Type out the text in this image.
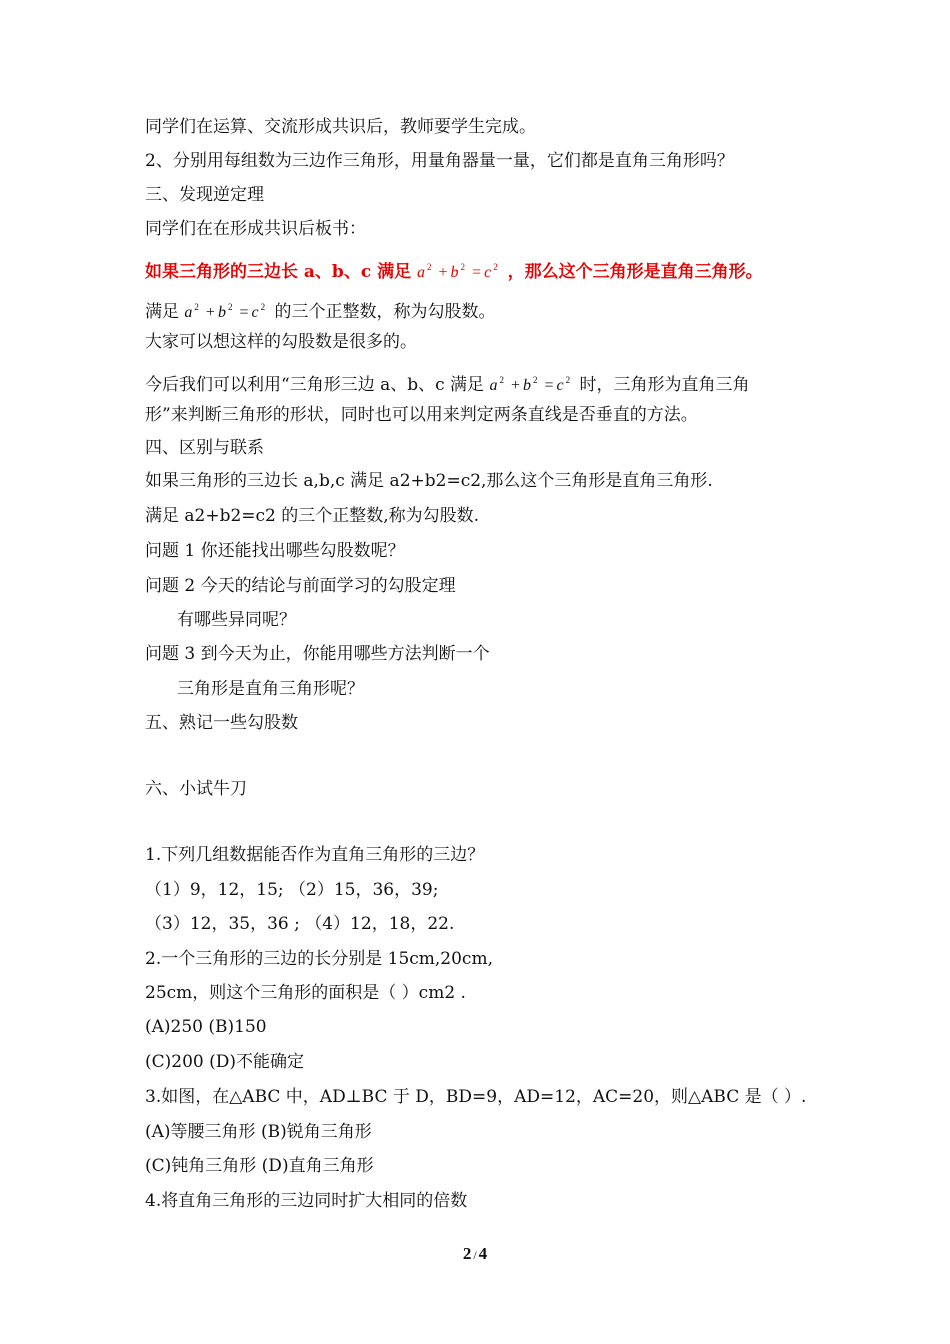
同学们在运算、交流形成共识后，教师要学生完成。
2、分别用每组数为三边作三角形，用量角器量一量，它们都是直角三角形吗？
三、发现逆定理
同学们在在形成共识后板书：
如果三角形的三边长 a、b、c 满足 a $^2$ + b $^2$ = c $^2$ ，那么这个三角形是直角三角形。
满足 a $^2$ + b $^2$ = c $^2$ 的三个正整数，称为勾股数。
大家可以想这样的勾股数是很多的。
今后我们可以利用“三角形三边 a、b、c 满足 a $^2$ + b $^2$ = c $^2$ 时，三角形为直角三角
形”来判断三角形的形状，同时也可以用来判定两条直线是否垂直的方法。
四、区别与联系
如果三角形的三边长 a,b,c 满足 a2+b2=c2,那么这个三角形是直角三角形.
满足 a2+b2=c2 的三个正整数,称为勾股数.
问题 1 你还能找出哪些勾股数呢？
问题 2 今天的结论与前面学习的勾股定理
有哪些异同呢？
问题 3 到今天为止，你能用哪些方法判断一个
三角形是直角三角形呢？
五、熟记一些勾股数
六、小试牛刀
1.下列几组数据能否作为直角三角形的三边？
（1）9，12，15; （2）15，36，39;
（3）12，35，36 ; （4）12，18，22.
2.一个三角形的三边的长分别是 15cm,20cm,
25cm，则这个三角形的面积是（ ）cm2 .
(A)250 (B)150
(C)200 (D)不能确定
3.如图，在△ABC 中，AD⊥BC 于 D，BD=9，AD=12，AC=20，则△ABC 是（ ）.
(A)等腰三角形 (B)锐角三角形
(C)钝角三角形 (D)直角三角形
4.将直角三角形的三边同时扩大相同的倍数
2 / 4
